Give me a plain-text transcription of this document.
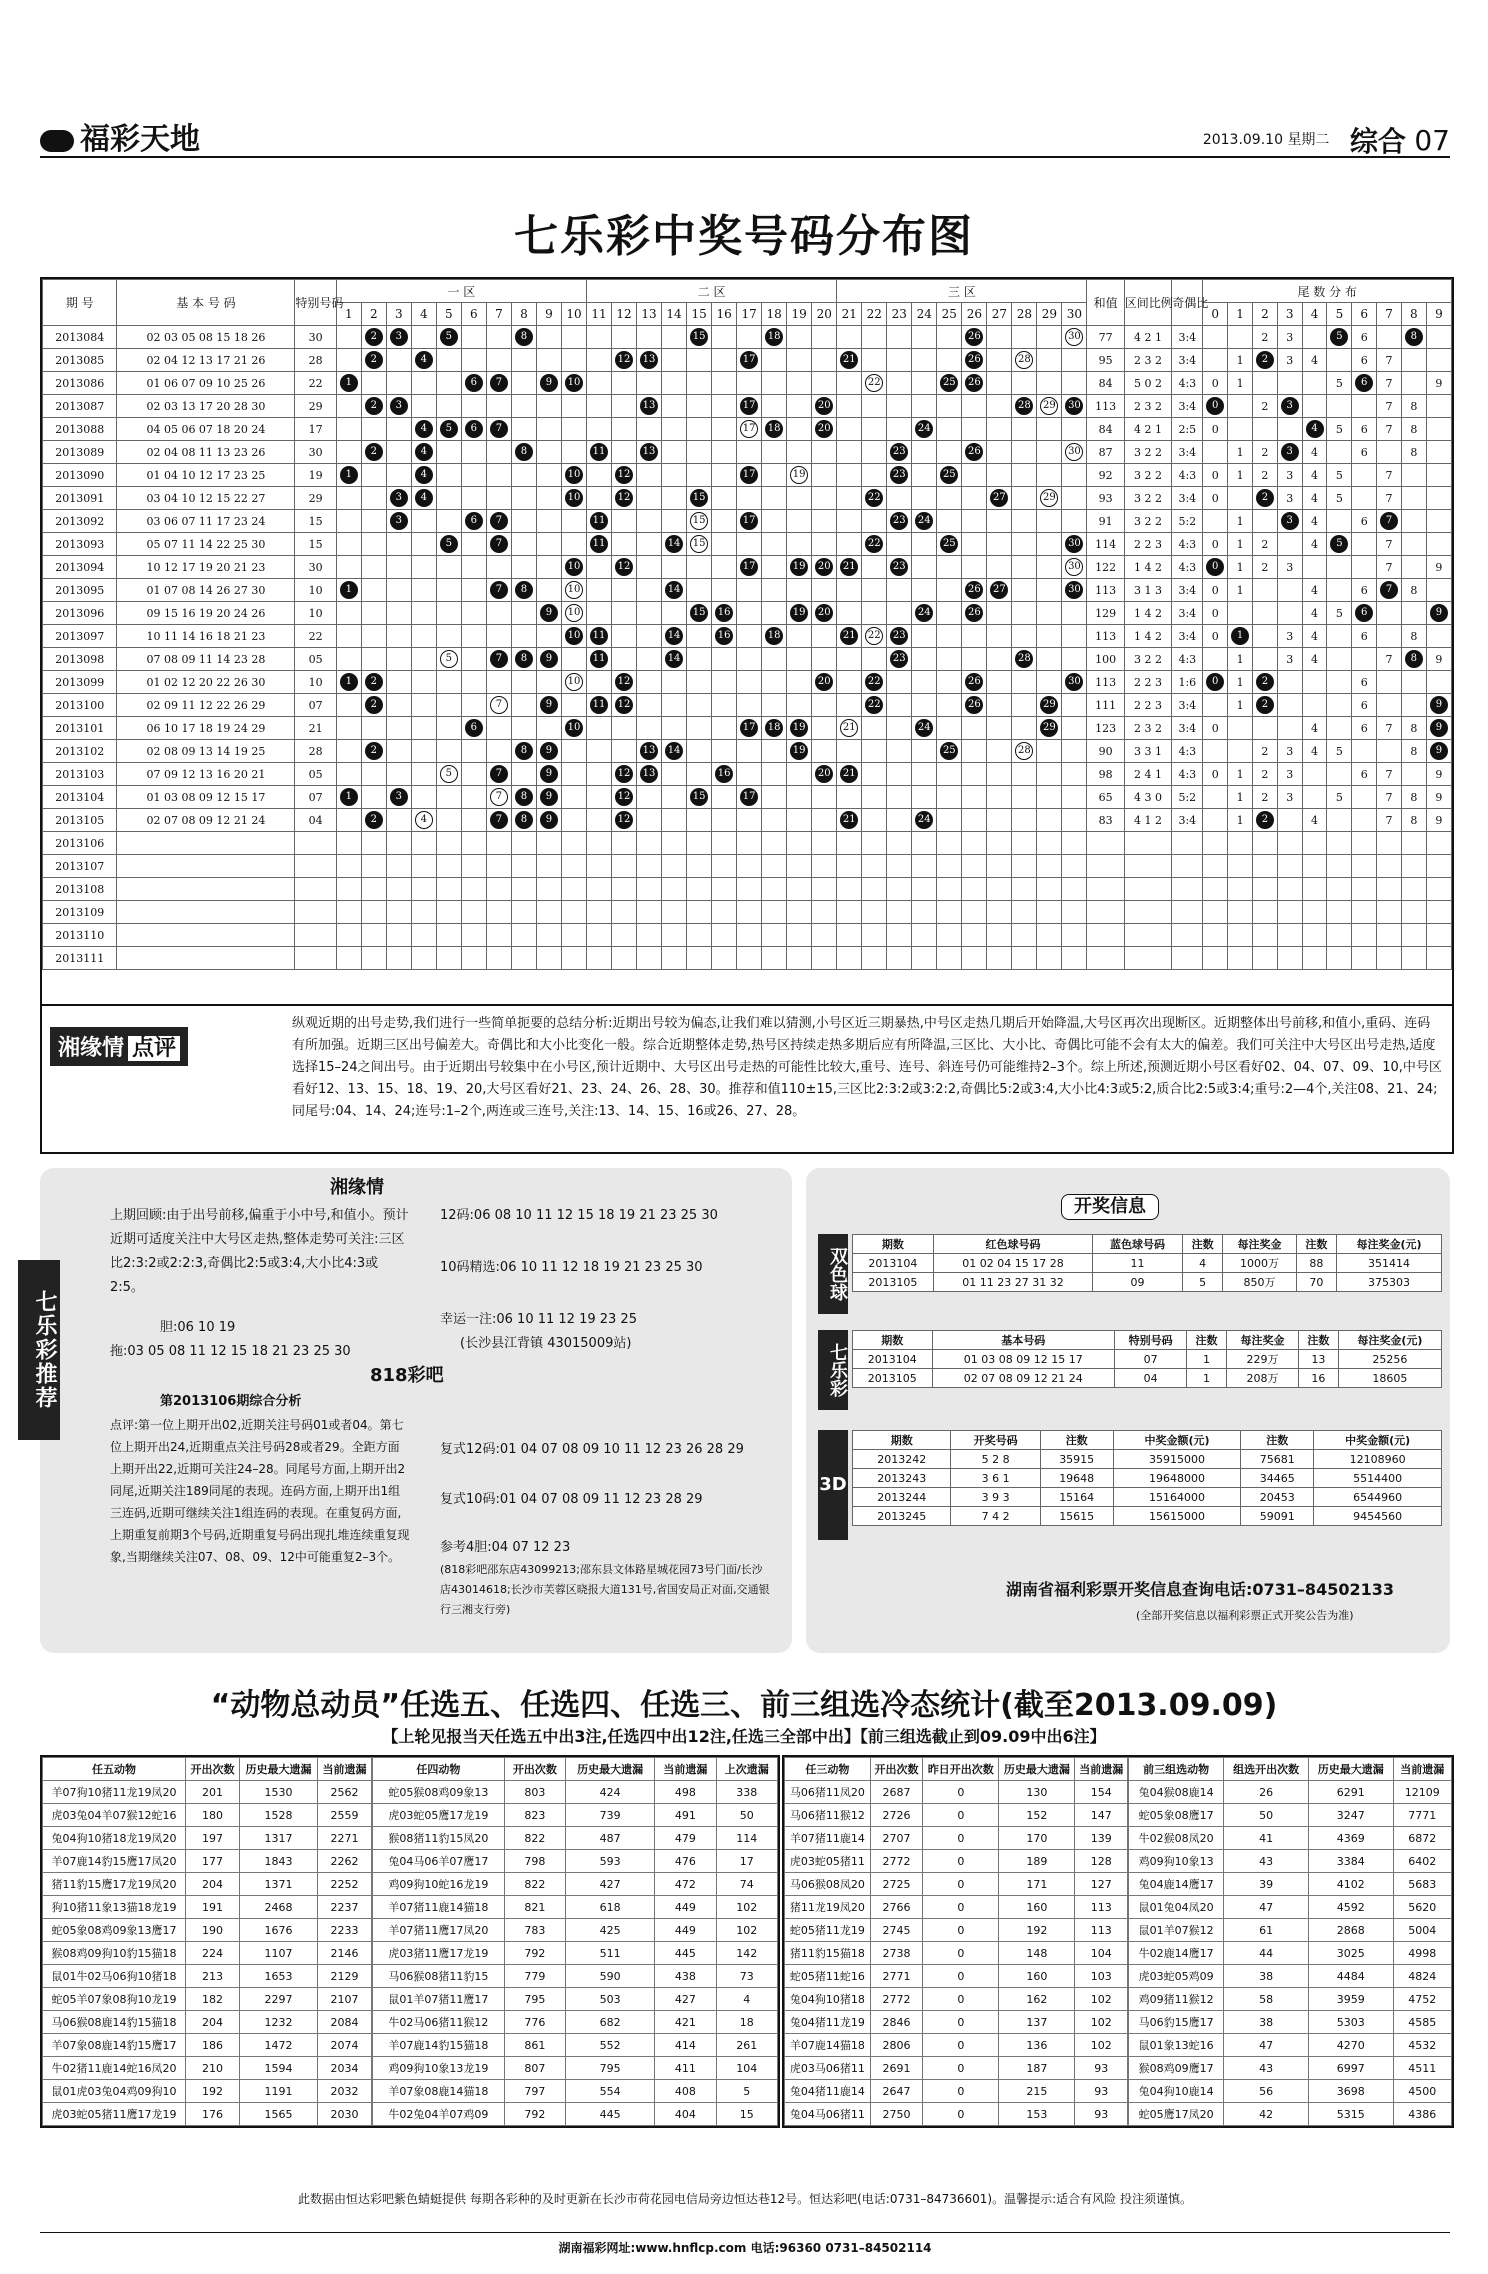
福彩天地	2013.09.10 星期二 综合 07
七乐彩中奖号码分布图
期 号	基 本 号 码	特别号码	一 区										二 区										三 区										和值	区间比例	奇偶比	尾 数 分 布									
			1	2	3	4	5	6	7	8	9	10	11	12	13	14	15	16	17	18	19	20	21	22	23	24	25	26	27	28	29	30				0	1	2	3	4	5	6	7	8	9
2013084	02 03 05 08 15 18 26	30		2	3		5			8							15			18								26				30	77	4 2 1	3:4			2	3		5	6		8	
2013085	02 04 12 13 17 21 26	28		2		4								12	13				17				21					26		28			95	2 3 2	3:4		1	2	3	4		6	7		
2013086	01 06 07 09 10 25 26	22	1					6	7		9	10												22			25	26					84	5 0 2	4:3	0	1				5	6	7		9
2013087	02 03 13 17 20 28 30	29		2	3										13				17			20								28	29	30	113	2 3 2	3:4	0		2	3				7	8	
2013088	04 05 06 07 18 20 24	17				4	5	6	7										17	18		20				24							84	4 2 1	2:5	0				4	5	6	7	8	
2013089	02 04 08 11 13 23 26	30		2		4				8			11		13										23			26				30	87	3 2 2	3:4		1	2	3	4		6		8	
2013090	01 04 10 12 17 23 25	19	1			4						10		12					17		19				23		25						92	3 2 2	4:3	0	1	2	3	4	5		7		
2013091	03 04 10 12 15 22 27	29			3	4						10		12			15							22					27		29		93	3 2 2	3:4	0		2	3	4	5		7		
2013092	03 06 07 11 17 23 24	15			3			6	7				11				15		17						23	24							91	3 2 2	5:2		1		3	4		6	7		
2013093	05 07 11 14 22 25 30	15					5		7				11			14	15							22			25					30	114	2 2 3	4:3	0	1	2		4	5		7		
2013094	10 12 17 19 20 21 23	30										10		12					17		19	20	21		23							30	122	1 4 2	4:3	0	1	2	3				7		9
2013095	01 07 08 14 26 27 30	10	1						7	8		10				14												26	27			30	113	3 1 3	3:4	0	1			4		6	7	8	
2013096	09 15 16 19 20 24 26	10									9	10					15	16			19	20				24		26					129	1 4 2	3:4	0				4	5	6			9
2013097	10 11 14 16 18 21 23	22										10	11			14		16		18			21	22	23								113	1 4 2	3:4	0	1		3	4		6		8	
2013098	07 08 09 11 14 23 28	05					5		7	8	9		11			14									23					28			100	3 2 2	4:3		1		3	4			7	8	9
2013099	01 02 12 20 22 26 30	10	1	2								10		12								20		22				26				30	113	2 2 3	1:6	0	1	2				6			
2013100	02 09 11 12 22 26 29	07		2					7		9		11	12										22				26			29		111	2 2 3	3:4		1	2				6			9
2013101	06 10 17 18 19 24 29	21						6				10							17	18	19		21			24					29		123	2 3 2	3:4	0				4		6	7	8	9
2013102	02 08 09 13 14 19 25	28		2						8	9				13	14					19						25			28			90	3 3 1	4:3			2	3	4	5			8	9
2013103	07 09 12 13 16 20 21	05					5		7		9			12	13			16				20	21										98	2 4 1	4:3	0	1	2	3			6	7		9
2013104	01 03 08 09 12 15 17	07	1		3				7	8	9			12			15		17														65	4 3 0	5:2		1	2	3		5		7	8	9
2013105	02 07 08 09 12 21 24	04		2		4			7	8	9			12									21			24							83	4 1 2	3:4		1	2		4			7	8	9
2013106																																													
2013107																																													
2013108																																													
2013109																																													
2013110																																													
2013111																																													
湘缘情 点评
纵观近期的出号走势,我们进行一些简单扼要的总结分析:近期出号较为偏态,让我们难以猜测,小号区近三期暴热,中号区走热几期后开始降温,大号区再次出现断区。近期整体出号前移,和值小,重码、连码有所加强。近期三区出号偏差大。奇偶比和大小比变化一般。综合近期整体走势,热号区持续走热多期后应有所降温,三区比、大小比、奇偶比可能不会有太大的偏差。我们可关注中大号区出号走热,适度选择15–24之间出号。由于近期出号较集中在小号区,预计近期中、大号区出号走热的可能性比较大,重号、连号、斜连号仍可能维持2–3个。综上所述,预测近期小号区看好02、04、07、09、10,中号区看好12、13、15、18、19、20,大号区看好21、23、24、26、28、30。推荐和值110±15,三区比2:3:2或3:2:2,奇偶比5:2或3:4,大小比4:3或5:2,质合比2:5或3:4;重号:2—4个,关注08、21、24;同尾号:04、14、24;连号:1–2个,两连或三连号,关注:13、14、15、16或26、27、28。
湘缘情
上期回顾:由于出号前移,偏重于小中号,和值小。预计近期可适度关注中大号区走热,整体走势可关注:三区比2:3:2或2:2:3,奇偶比2:5或3:4,大小比4:3或2:5。
胆:06 10 19
拖:03 05 08 11 12 15 18 21 23 25 30
12码:06 08 10 11 12 15 18 19 21 23 25 30
10码精选:06 10 11 12 18 19 21 23 25 30
幸运一注:06 10 11 12 19 23 25
(长沙县江背镇 43015009站)
818彩吧
第2013106期综合分析
点评:第一位上期开出02,近期关注号码01或者04。第七位上期开出24,近期重点关注号码28或者29。全距方面上期开出22,近期可关注24–28。同尾号方面,上期开出2同尾,近期关注189同尾的表现。连码方面,上期开出1组三连码,近期可继续关注1组连码的表现。在重复码方面,上期重复前期3个号码,近期重复号码出现扎堆连续重复现象,当期继续关注07、08、09、12中可能重复2–3个。
复式12码:01 04 07 08 09 10 11 12 23 26 28 29
复式10码:01 04 07 08 09 11 12 23 28 29
参考4胆:04 07 12 23
(818彩吧邵东店43099213;邵东县文体路星城花园73号门面/长沙店43014618;长沙市芙蓉区晓报大道131号,省国安局正对面,交通银行三湘支行旁)
七乐彩推荐
开奖信息
双色球
期数	红色球号码	蓝色球号码	注数	每注奖金	注数	每注奖金(元)
2013104	01 02 04 15 17 28	11	4	1000万	88	351414
2013105	01 11 23 27 31 32	09	5	850万	70	375303
七乐彩
期数	基本号码	特别号码	注数	每注奖金	注数	每注奖金(元)
2013104	01 03 08 09 12 15 17	07	1	229万	13	25256
2013105	02 07 08 09 12 21 24	04	1	208万	16	18605
3D
期数	开奖号码	注数	中奖金额(元)	注数	中奖金额(元)
2013242	5 2 8	35915	35915000	75681	12108960
2013243	3 6 1	19648	19648000	34465	5514400
2013244	3 9 3	15164	15164000	20453	6544960
2013245	7 4 2	15615	15615000	59091	9454560
湖南省福利彩票开奖信息查询电话:0731–84502133
(全部开奖信息以福利彩票正式开奖公告为准)
“动物总动员”任选五、任选四、任选三、前三组选冷态统计(截至2013.09.09)
【上轮见报当天任选五中出3注,任选四中出12注,任选三全部中出】【前三组选截止到09.09中出6注】
任五动物	开出次数	历史最大遗漏	当前遗漏
羊07狗10猪11龙19凤20	201	1530	2562
虎03兔04羊07猴12蛇16	180	1528	2559
兔04狗10猪18龙19凤20	197	1317	2271
羊07鹿14豹15鹰17凤20	177	1843	2262
猪11豹15鹰17龙19凤20	204	1371	2252
狗10猪11象13猫18龙19	191	2468	2237
蛇05象08鸡09象13鹰17	190	1676	2233
猴08鸡09狗10豹15猫18	224	1107	2146
鼠01牛02马06狗10猪18	213	1653	2129
蛇05羊07象08狗10龙19	182	2297	2107
马06猴08鹿14豹15猫18	204	1232	2084
羊07象08鹿14豹15鹰17	186	1472	2074
牛02猪11鹿14蛇16凤20	210	1594	2034
鼠01虎03兔04鸡09狗10	192	1191	2032
虎03蛇05猪11鹰17龙19	176	1565	2030
任四动物	开出次数	历史最大遗漏	当前遗漏	上次遗漏
蛇05猴08鸡09象13	803	424	498	338
虎03蛇05鹰17龙19	823	739	491	50
猴08猪11豹15凤20	822	487	479	114
兔04马06羊07鹰17	798	593	476	17
鸡09狗10蛇16龙19	822	427	472	74
羊07猪11鹿14猫18	821	618	449	102
羊07猪11鹰17凤20	783	425	449	102
虎03猪11鹰17龙19	792	511	445	142
马06猴08猪11豹15	779	590	438	73
鼠01羊07猪11鹰17	795	503	427	4
牛02马06猪11猴12	776	682	421	18
羊07鹿14豹15猫18	861	552	414	261
鸡09狗10象13龙19	807	795	411	104
羊07象08鹿14猫18	797	554	408	5
牛02兔04羊07鸡09	792	445	404	15
任三动物	开出次数	昨日开出次数	历史最大遗漏	当前遗漏
马06猪11凤20	2687	0	130	154
马06猪11猴12	2726	0	152	147
羊07猪11鹿14	2707	0	170	139
虎03蛇05猪11	2772	0	189	128
马06猴08凤20	2725	0	171	127
猪11龙19凤20	2766	0	160	113
蛇05猪11龙19	2745	0	192	113
猪11豹15猫18	2738	0	148	104
蛇05猪11蛇16	2771	0	160	103
兔04狗10猪18	2772	0	162	102
兔04猪11龙19	2846	0	137	102
羊07鹿14猫18	2806	0	136	102
虎03马06猪11	2691	0	187	93
兔04猪11鹿14	2647	0	215	93
兔04马06猪11	2750	0	153	93
前三组选动物	组选开出次数	历史最大遗漏	当前遗漏
兔04猴08鹿14	26	6291	12109
蛇05象08鹰17	50	3247	7771
牛02猴08凤20	41	4369	6872
鸡09狗10象13	43	3384	6402
兔04鹿14鹰17	39	4102	5683
鼠01兔04凤20	47	4592	5620
鼠01羊07猴12	61	2868	5004
牛02鹿14鹰17	44	3025	4998
虎03蛇05鸡09	38	4484	4824
鸡09猪11猴12	58	3959	4752
马06豹15鹰17	38	5303	4585
鼠01象13蛇16	47	4270	4532
猴08鸡09鹰17	43	6997	4511
兔04狗10鹿14	56	3698	4500
蛇05鹰17凤20	42	5315	4386
此数据由恒达彩吧紫色蜻蜓提供 每期各彩种的及时更新在长沙市荷花园电信局旁边恒达巷12号。恒达彩吧(电话:0731–84736601)。温馨提示:适合有风险 投注须谨慎。
湖南福彩网址:www.hnflcp.com 电话:96360 0731–84502114
